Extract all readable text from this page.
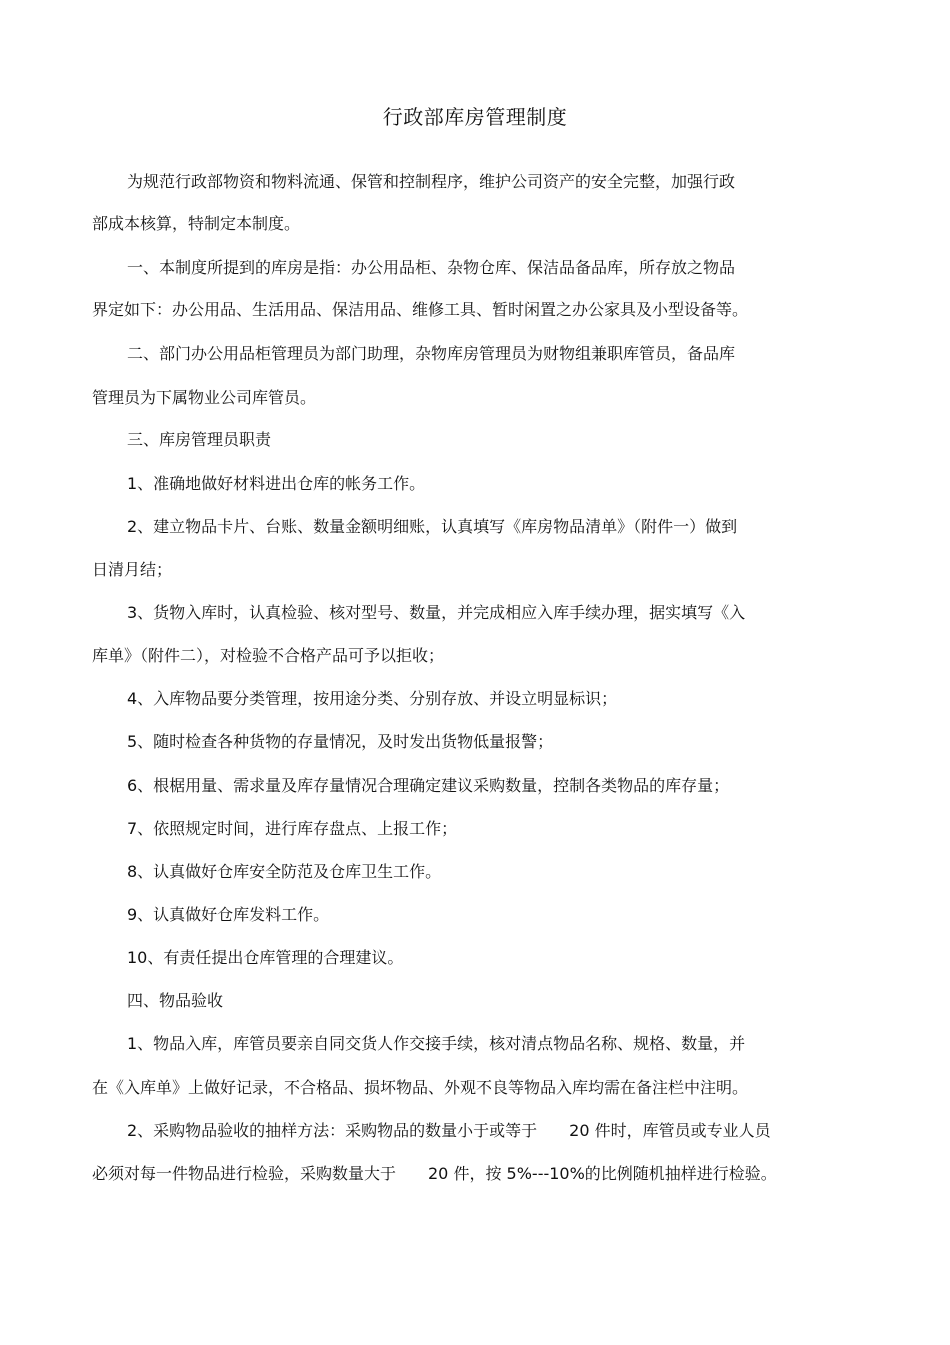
行政部库房管理制度
为规范行政部物资和物料流通、保管和控制程序，维护公司资产的安全完整，加强行政
部成本核算，特制定本制度。
一、本制度所提到的库房是指：办公用品柜、杂物仓库、保洁品备品库，所存放之物品
界定如下：办公用品、生活用品、保洁用品、维修工具、暂时闲置之办公家具及小型设备等。
二、部门办公用品柜管理员为部门助理，杂物库房管理员为财物组兼职库管员，备品库
管理员为下属物业公司库管员。
三、库房管理员职责
1、准确地做好材料进出仓库的帐务工作。
2、建立物品卡片、台账、数量金额明细账，认真填写《库房物品清单》（附件一）做到
日清月结；
3、货物入库时，认真检验、核对型号、数量，并完成相应入库手续办理，据实填写《入
库单》（附件二），对检验不合格产品可予以拒收；
4、入库物品要分类管理，按用途分类、分别存放、并设立明显标识；
5、随时检查各种货物的存量情况，及时发出货物低量报警；
6、根椐用量、需求量及库存量情况合理确定建议采购数量，控制各类物品的库存量；
7、依照规定时间，进行库存盘点、上报工作；
8、认真做好仓库安全防范及仓库卫生工作。
9、认真做好仓库发料工作。
10、有责任提出仓库管理的合理建议。
四、物品验收
1、物品入库，库管员要亲自同交货人作交接手续，核对清点物品名称、规格、数量，并
在《入库单》上做好记录，不合格品、损坏物品、外观不良等物品入库均需在备注栏中注明。
2、采购物品验收的抽样方法：采购物品的数量小于或等于　　20 件时，库管员或专业人员
必须对每一件物品进行检验，采购数量大于　　20 件，按 5%---10%的比例随机抽样进行检验。
